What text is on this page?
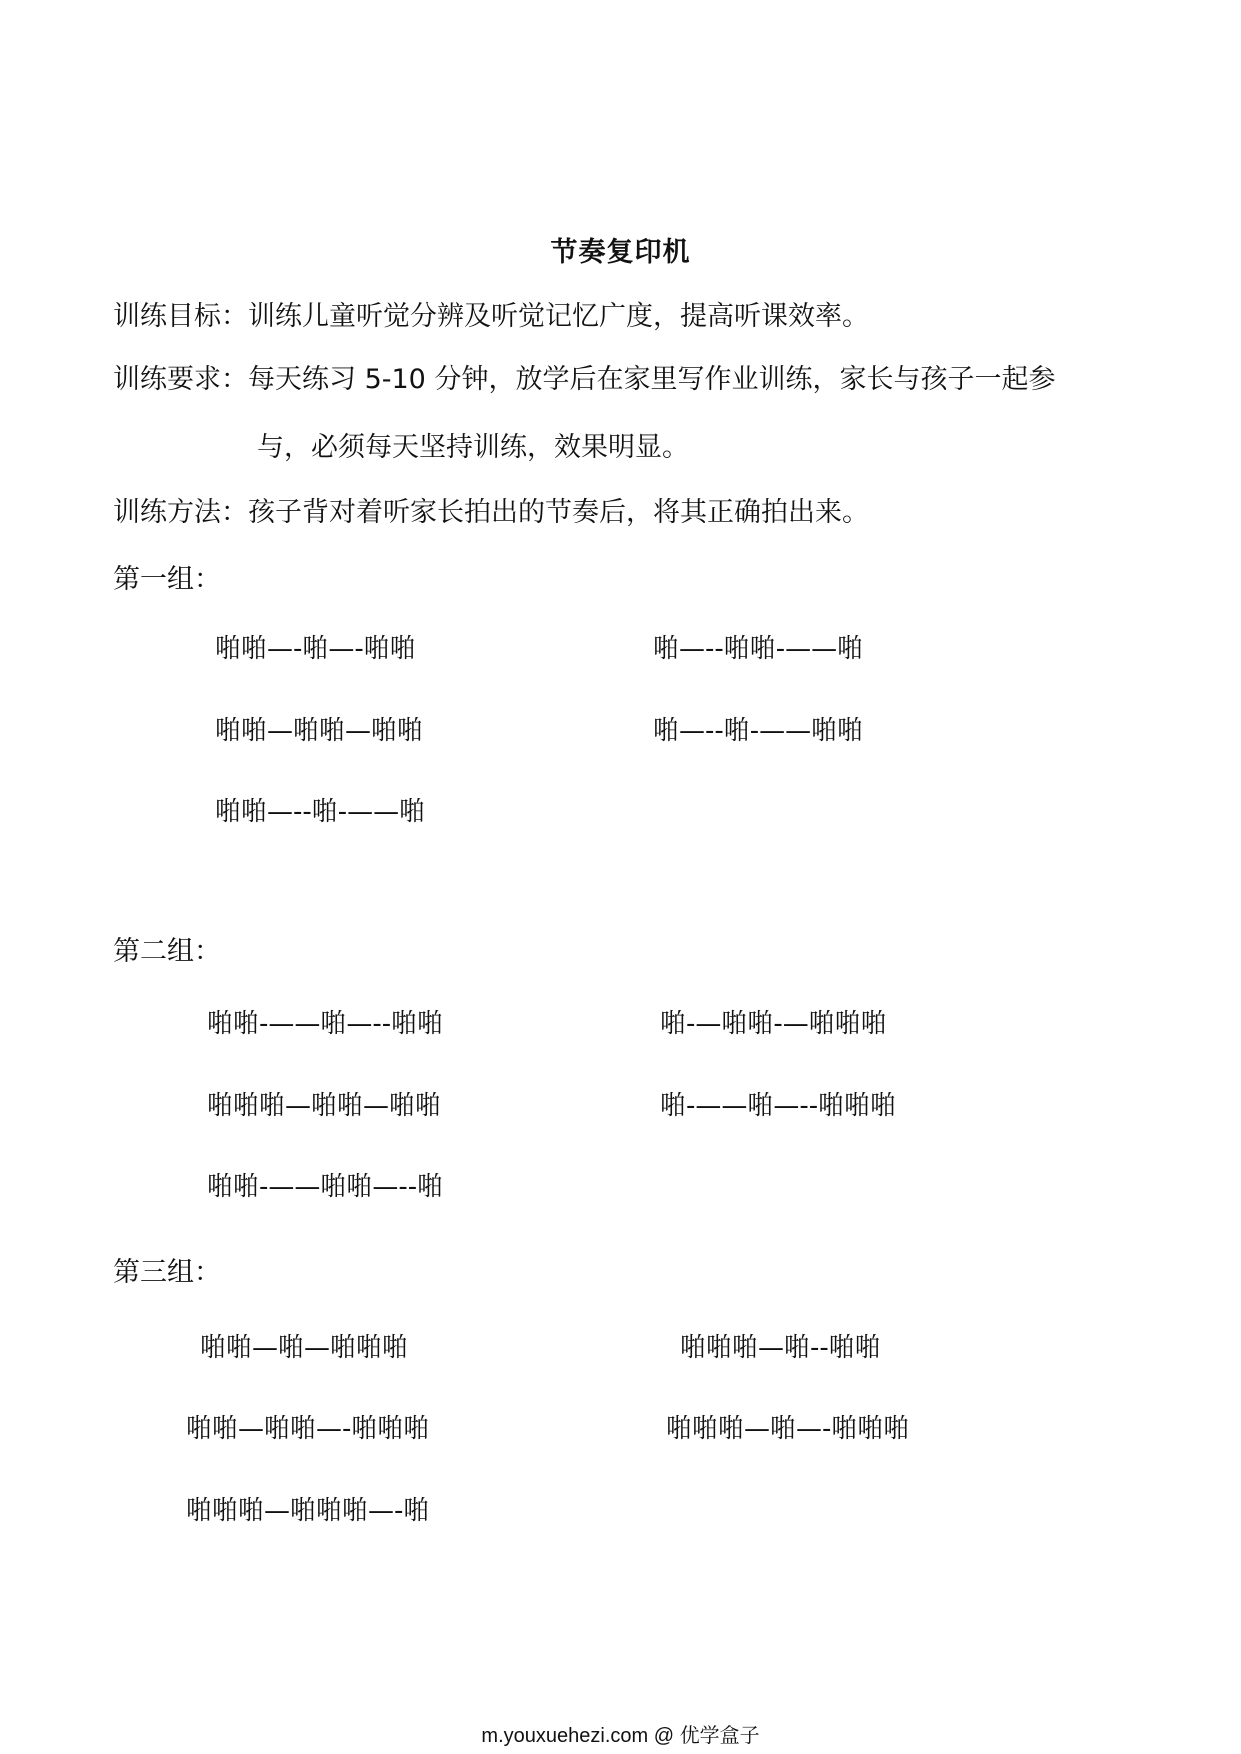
节奏复印机
训练目标：训练儿童听觉分辨及听觉记忆广度，提高听课效率。
训练要求：每天练习 5-10 分钟，放学后在家里写作业训练，家长与孩子一起参
与，必须每天坚持训练，效果明显。
训练方法：孩子背对着听家长拍出的节奏后，将其正确拍出来。
第一组：
啪啪—-啪—-啪啪	啪—--啪啪-——啪
啪啪—啪啪—啪啪	啪—--啪-——啪啪
啪啪—--啪-——啪
第二组：
啪啪-——啪—--啪啪	啪-—啪啪-—啪啪啪
啪啪啪—啪啪—啪啪	啪-——啪—--啪啪啪
啪啪-——啪啪—--啪
第三组：
啪啪—啪—啪啪啪	啪啪啪—啪--啪啪
啪啪—啪啪—-啪啪啪	啪啪啪—啪—-啪啪啪
啪啪啪—啪啪啪—-啪
m.youxuehezi.com @ 优学盒子
